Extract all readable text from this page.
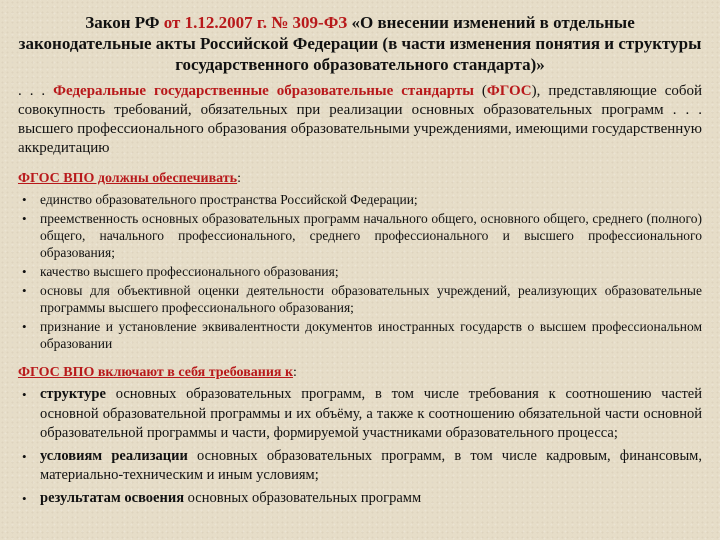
Закон РФ от 1.12.2007 г. № 309-ФЗ «О внесении изменений в отдельные законодательные акты Российской Федерации (в части изменения понятия и структуры государственного образовательного стандарта)»
. . . Федеральные государственные образовательные стандарты (ФГОС), представляющие собой совокупность требований, обязательных при реализации основных образовательных программ . . . высшего профессионального образования образовательными учреждениями, имеющими государственную аккредитацию
ФГОС ВПО должны обеспечивать:
• единство образовательного пространства Российской Федерации;
• преемственность основных образовательных программ начального общего, основного общего, среднего (полного) общего, начального профессионального, среднего профессионального и высшего профессионального образования;
• качество высшего профессионального образования;
• основы для объективной оценки деятельности образовательных учреждений, реализующих образовательные программы высшего профессионального образования;
• признание и установление эквивалентности документов иностранных государств о высшем профессиональном образовании
ФГОС ВПО включают в себя требования к:
• структуре основных образовательных программ, в том числе требования к соотношению частей основной образовательной программы и их объёму, а также к соотношению обязательной части основной образовательной программы и части, формируемой участниками образовательного процесса;
• условиям реализации основных образовательных программ, в том числе кадровым, финансовым, материально-техническим и иным условиям;
• результатам освоения основных образовательных программ
